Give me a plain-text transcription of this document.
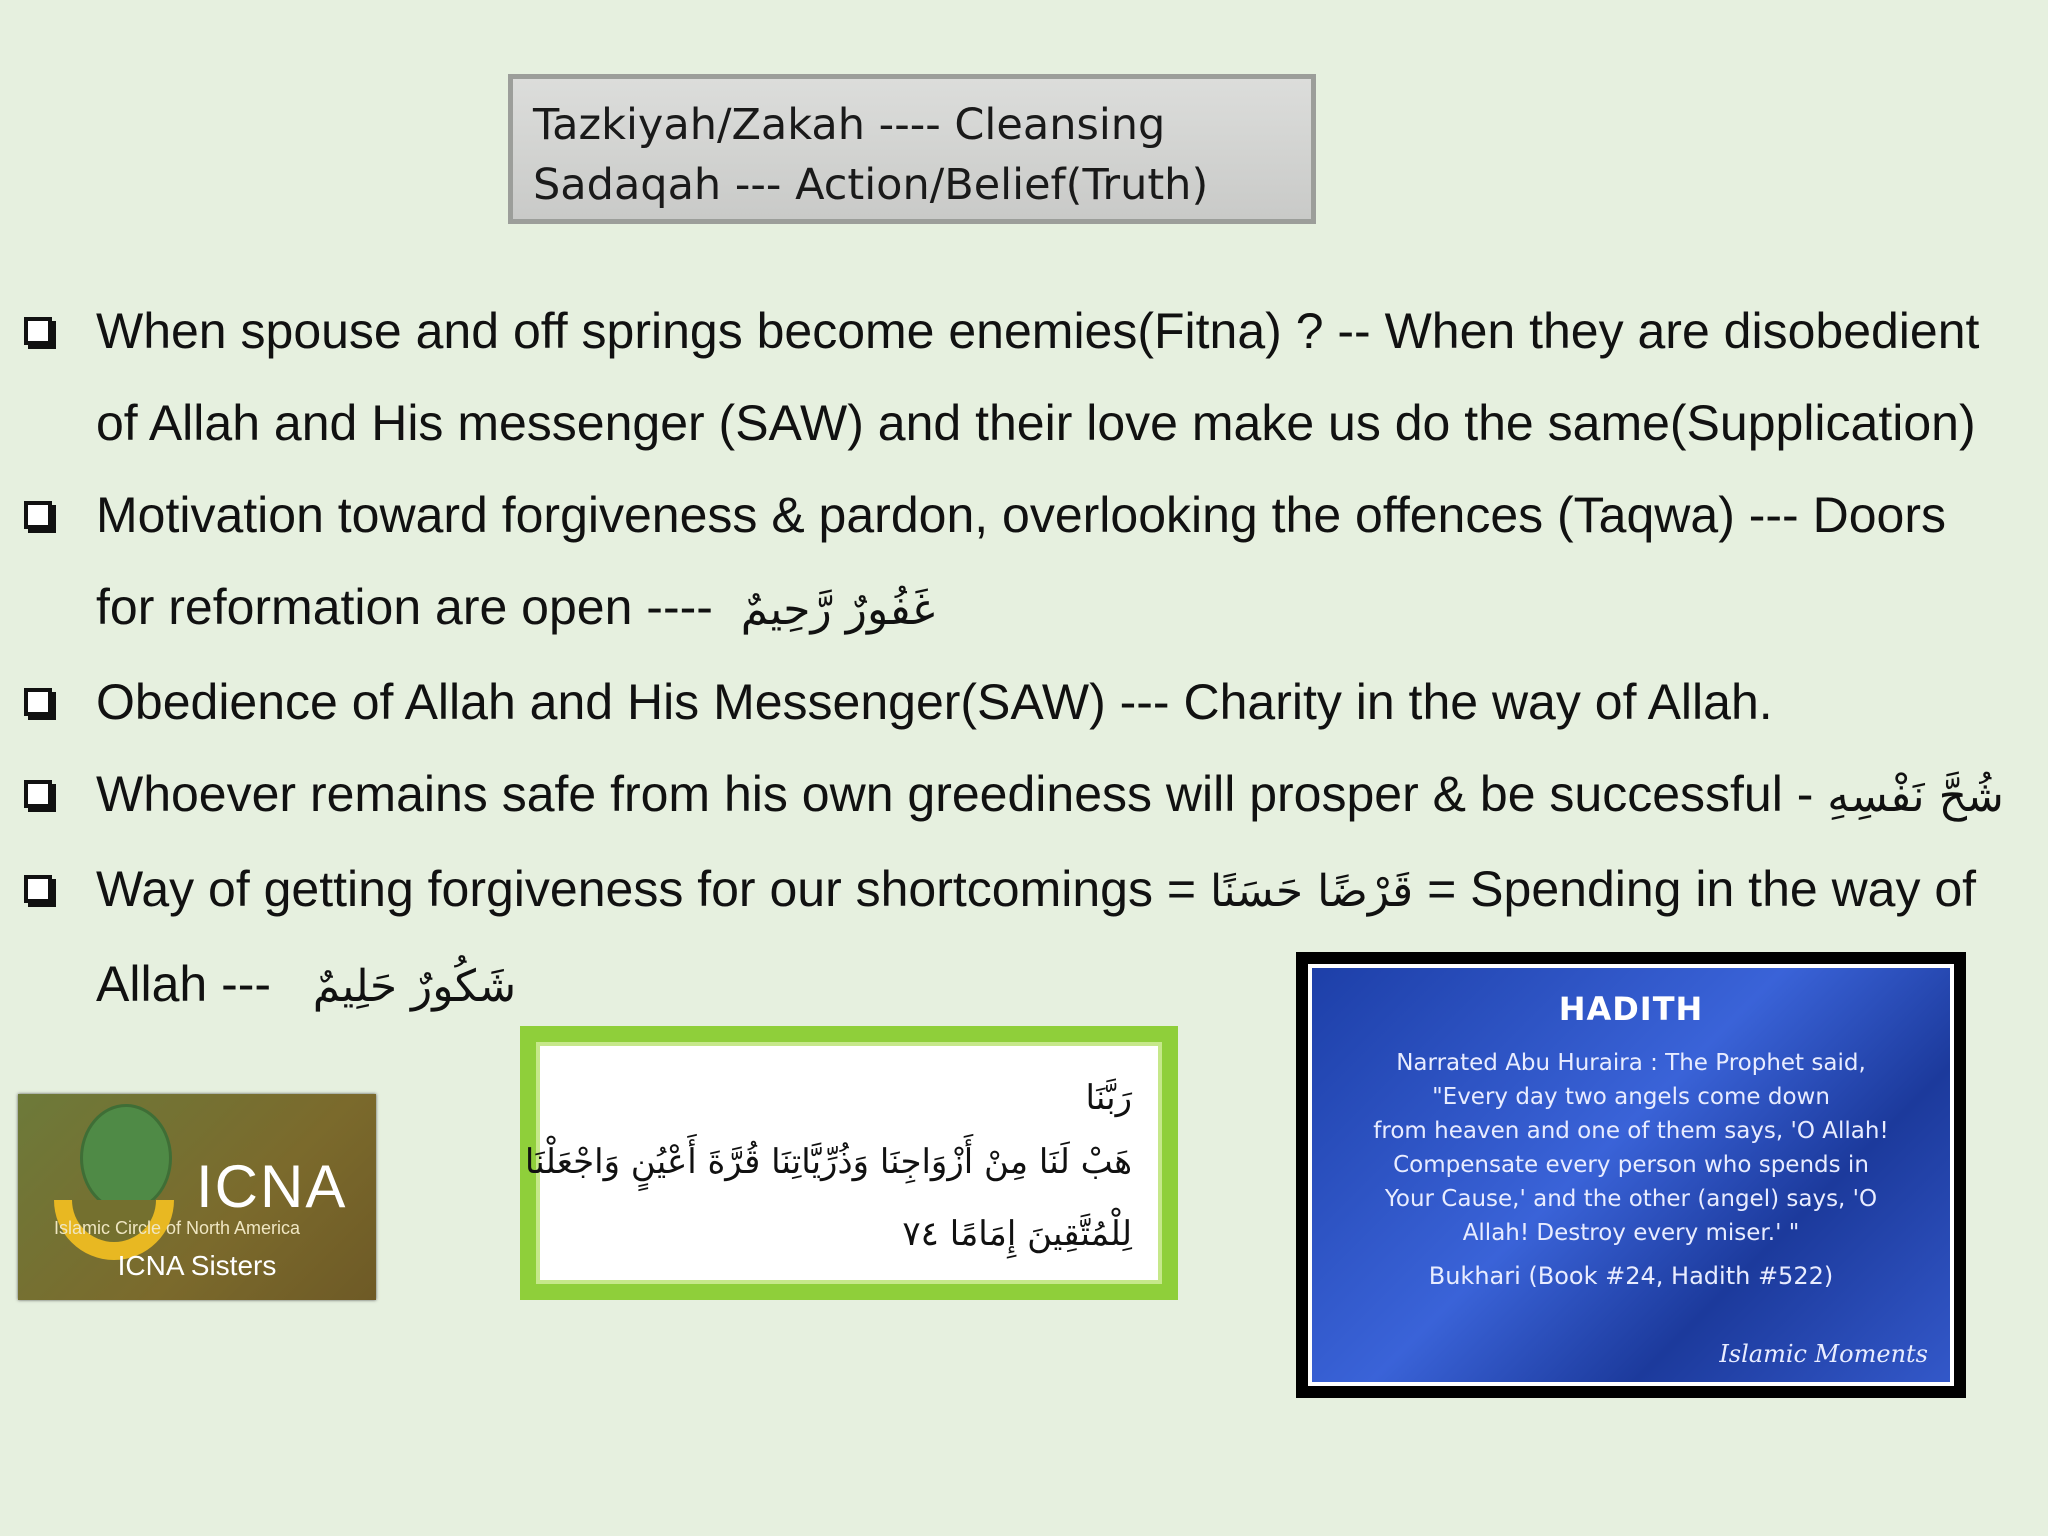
Tazkiyah/Zakah ---- Cleansing
Sadaqah --- Action/Belief(Truth)
When spouse and off springs become enemies(Fitna) ? -- When they are disobedient
of Allah and His messenger (SAW) and their love make us do the same(Supplication)
Motivation toward forgiveness & pardon, overlooking the offences (Taqwa) --- Doors
for reformation are open ---- غَفُورٌ رَّحِيمٌ
Obedience of Allah and His Messenger(SAW) --- Charity in the way of Allah.
Whoever remains safe from his own greediness will prosper & be successful - شُحَّ نَفْسِهِ
Way of getting forgiveness for our shortcomings = قَرْضًا حَسَنًا = Spending in the way of
Allah --- شَكُورٌ حَلِيمٌ
ICNA
Islamic Circle of North America
ICNA Sisters
رَبَّنَا
هَبْ لَنَا مِنْ أَزْوَاجِنَا وَذُرِّيَّاتِنَا قُرَّةَ أَعْيُنٍ وَاجْعَلْنَا
لِلْمُتَّقِينَ إِمَامًا ٧٤
HADITH
Narrated Abu Huraira : The Prophet said,
"Every day two angels come down
from heaven and one of them says, 'O Allah!
Compensate every person who spends in
Your Cause,' and the other (angel) says, 'O
Allah! Destroy every miser.' "
Bukhari (Book #24, Hadith #522)
Islamic Moments
